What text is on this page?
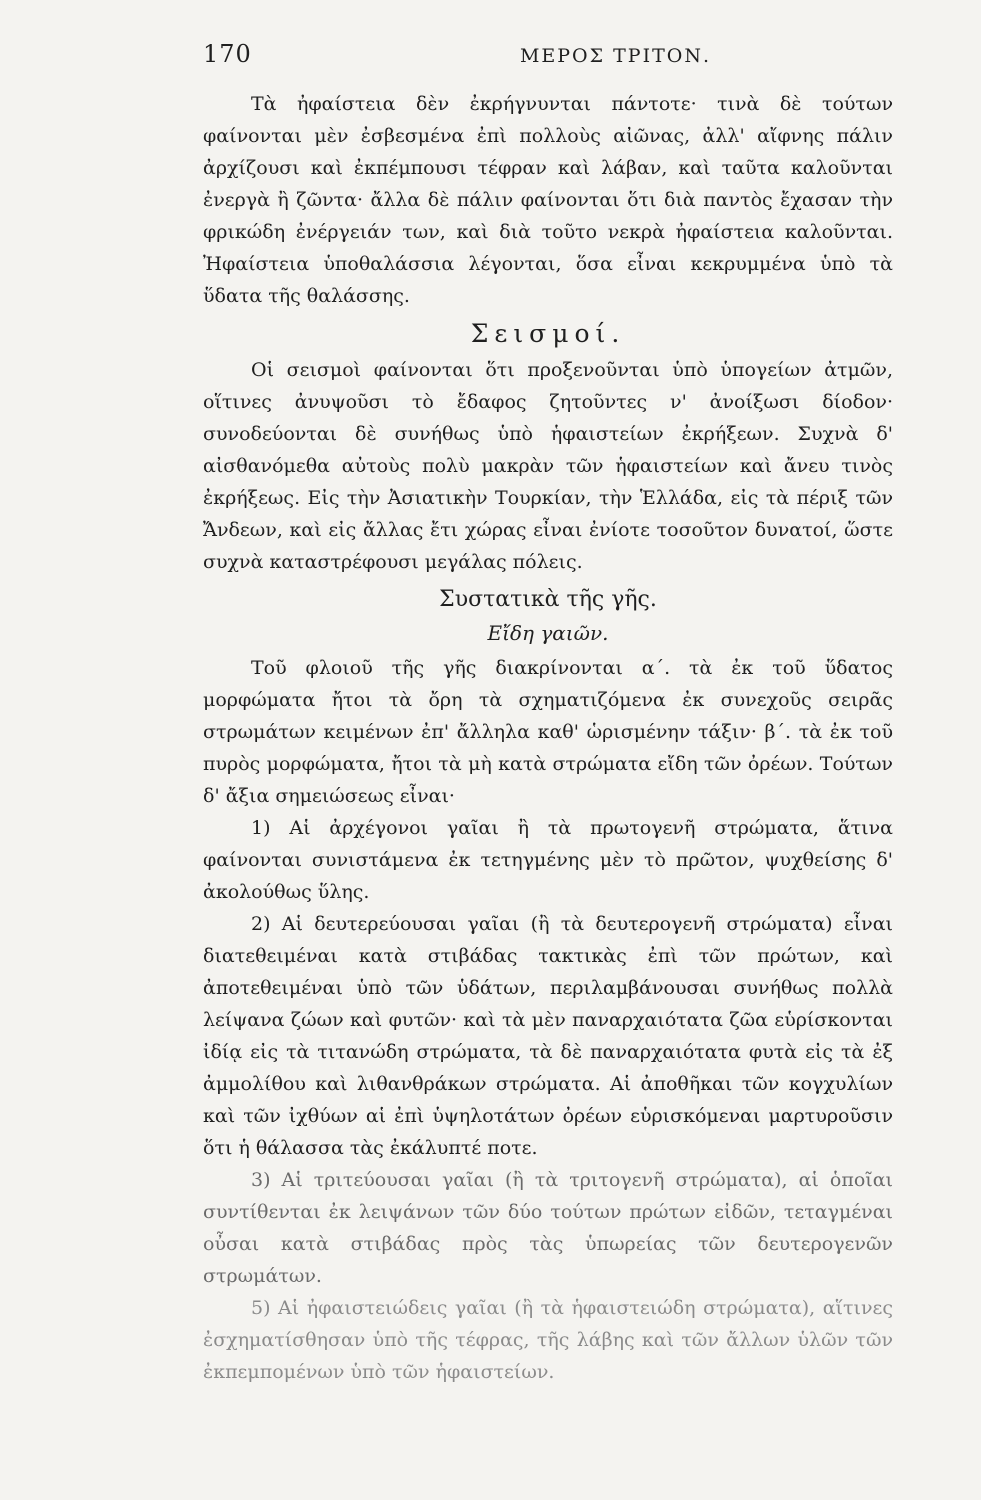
170	ΜΕΡΟΣ ΤΡΙΤΟΝ.

Τὰ ἠφαίστεια δὲν ἐκρήγνυνται πάντοτε· τινὰ δὲ τούτων φαίνονται μὲν ἐσβεσμένα ἐπὶ πολλοὺς αἰῶνας, ἀλλ' αἴφνης πάλιν ἀρχίζουσι καὶ ἐκπέμπουσι τέφραν καὶ λάβαν, καὶ ταῦτα καλοῦνται ἐνεργὰ ἢ ζῶντα· ἄλλα δὲ πάλιν φαίνονται ὅτι διὰ παντὸς ἔχασαν τὴν φρικώδη ἐνέργειάν των, καὶ διὰ τοῦτο νεκρὰ ἠφαίστεια καλοῦνται. Ἠφαίστεια ὑποθαλάσσια λέγονται, ὅσα εἶναι κεκρυμμένα ὑπὸ τὰ ὕδατα τῆς θαλάσσης.

Σεισμοί.

Οἱ σεισμοὶ φαίνονται ὅτι προξενοῦνται ὑπὸ ὑπογείων ἀτμῶν, οἵτινες ἀνυψοῦσι τὸ ἔδαφος ζητοῦντες ν' ἀνοίξωσι δίοδον· συνοδεύονται δὲ συνήθως ὑπὸ ἡφαιστείων ἐκρήξεων. Συχνὰ δ' αἰσθανόμεθα αὐτοὺς πολὺ μακρὰν τῶν ἡφαιστείων καὶ ἄνευ τινὸς ἐκρήξεως. Εἰς τὴν Ἀσιατικὴν Τουρκίαν, τὴν Ἑλλάδα, εἰς τὰ πέριξ τῶν Ἄνδεων, καὶ εἰς ἄλλας ἔτι χώρας εἶναι ἐνίοτε τοσοῦτον δυνατοί, ὥστε συχνὰ καταστρέφουσι μεγάλας πόλεις.

Συστατικὰ τῆς γῆς.
Εἴδη γαιῶν.

Τοῦ φλοιοῦ τῆς γῆς διακρίνονται α΄. τὰ ἐκ τοῦ ὕδατος μορφώματα ἤτοι τὰ ὄρη τὰ σχηματιζόμενα ἐκ συνεχοῦς σειρᾶς στρωμάτων κειμένων ἐπ' ἄλληλα καθ' ὡρισμένην τάξιν· β΄. τὰ ἐκ τοῦ πυρὸς μορφώματα, ἤτοι τὰ μὴ κατὰ στρώματα εἴδη τῶν ὀρέων. Τούτων δ' ἄξια σημειώσεως εἶναι·

1) Αἱ ἀρχέγονοι γαῖαι ἢ τὰ πρωτογενῆ στρώματα, ἅτινα φαίνονται συνιστάμενα ἐκ τετηγμένης μὲν τὸ πρῶτον, ψυχθείσης δ' ἀκολούθως ὕλης.

2) Αἱ δευτερεύουσαι γαῖαι (ἢ τὰ δευτερογενῆ στρώματα) εἶναι διατεθειμέναι κατὰ στιβάδας τακτικὰς ἐπὶ τῶν πρώτων, καὶ ἀποτεθειμέναι ὑπὸ τῶν ὑδάτων, περιλαμβάνουσαι συνήθως πολλὰ λείψανα ζώων καὶ φυτῶν· καὶ τὰ μὲν παναρχαιότατα ζῶα εὑρίσκονται ἰδίᾳ εἰς τὰ τιτανώδη στρώματα, τὰ δὲ παναρχαιότατα φυτὰ εἰς τὰ ἐξ ἀμμολίθου καὶ λιθανθράκων στρώματα. Αἱ ἀποθῆκαι τῶν κογχυλίων καὶ τῶν ἰχθύων αἱ ἐπὶ ὑψηλοτάτων ὀρέων εὑρισκόμεναι μαρτυροῦσιν ὅτι ἡ θάλασσα τὰς ἐκάλυπτέ ποτε.

3) Αἱ τριτεύουσαι γαῖαι (ἢ τὰ τριτογενῆ στρώματα), αἱ ὁποῖαι συντίθενται ἐκ λειψάνων τῶν δύο τούτων πρώτων εἰδῶν, τεταγμέναι οὖσαι κατὰ στιβάδας πρὸς τὰς ὑπωρείας τῶν δευτερογενῶν στρωμάτων.

5) Αἱ ἠφαιστειώδεις γαῖαι (ἢ τὰ ἡφαιστειώδη στρώματα), αἵτινες ἐσχηματίσθησαν ὑπὸ τῆς τέφρας, τῆς λάβης καὶ τῶν ἄλλων ὑλῶν τῶν ἐκπεμπομένων ὑπὸ τῶν ἡφαιστείων.
